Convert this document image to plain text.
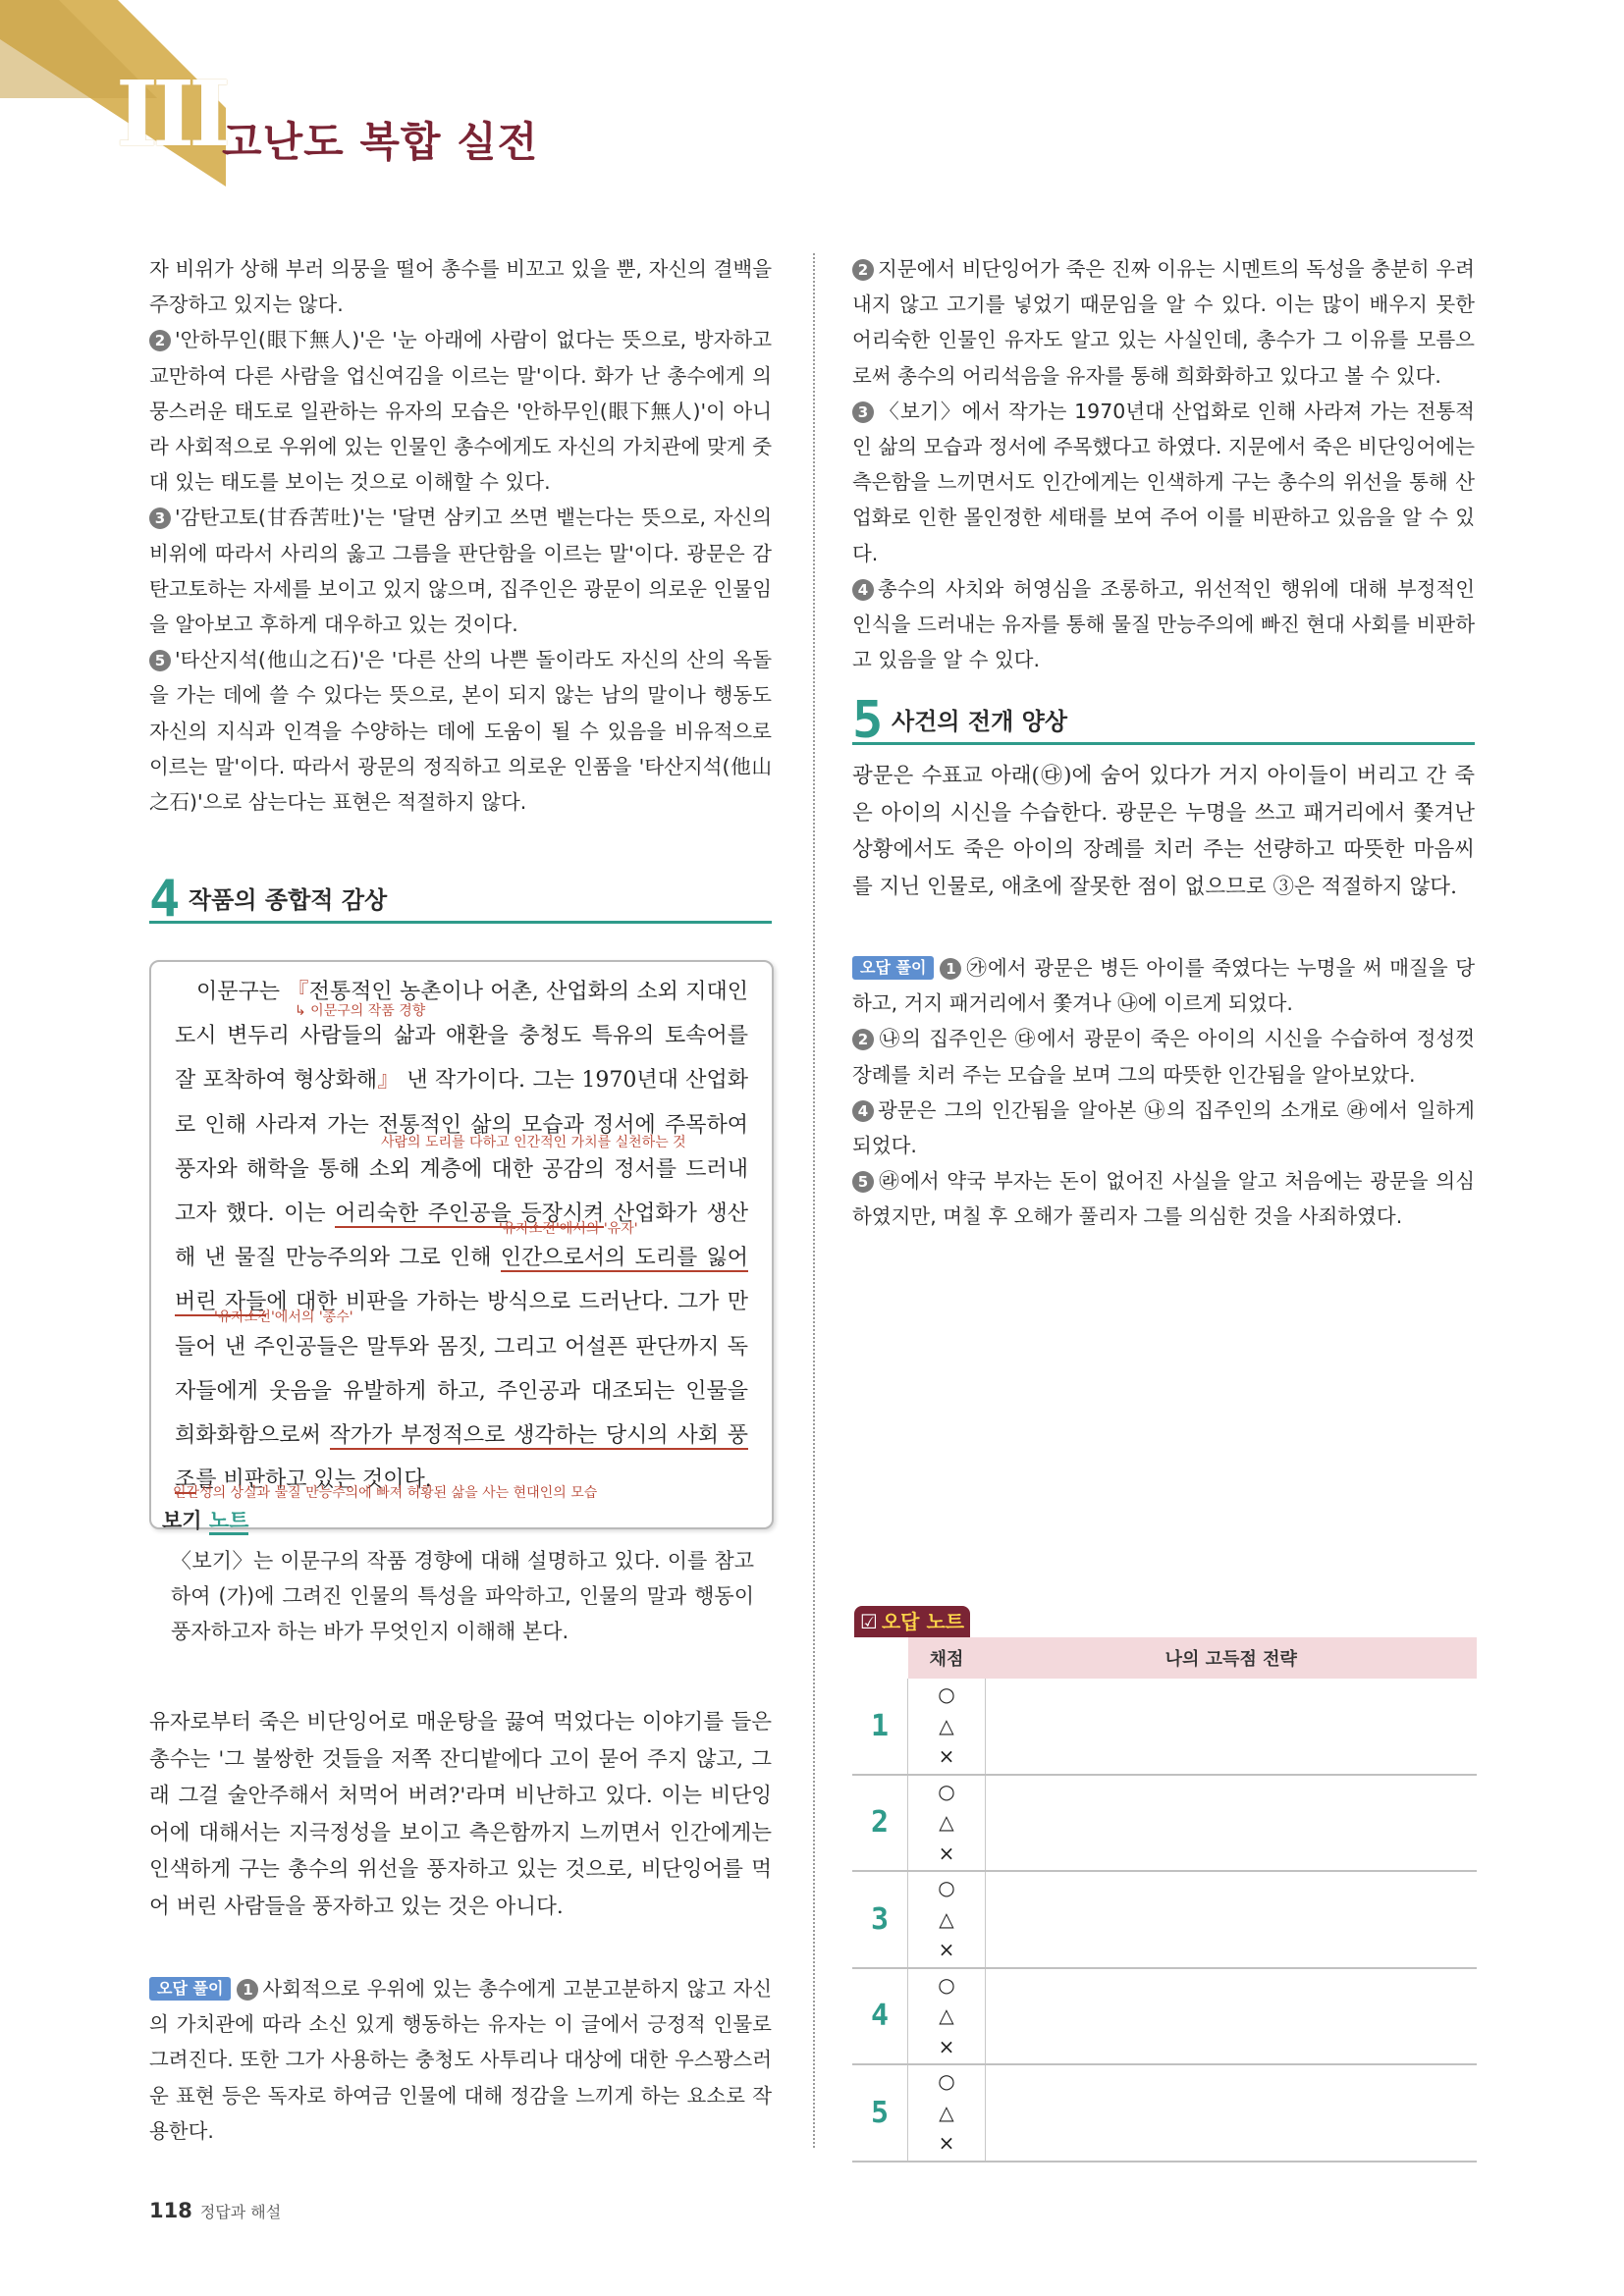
III
고난도 복합 실전

자 비위가 상해 부러 의뭉을 떨어 총수를 비꼬고 있을 뿐, 자신의 결백을 주장하고 있지는 않다.

2 '안하무인(眼下無人)'은 '눈 아래에 사람이 없다는 뜻으로, 방자하고 교만하여 다른 사람을 업신여김을 이르는 말'이다. 화가 난 총수에게 의뭉스러운 태도로 일관하는 유자의 모습은 '안하무인(眼下無人)'이 아니라 사회적으로 우위에 있는 인물인 총수에게도 자신의 가치관에 맞게 줏대 있는 태도를 보이는 것으로 이해할 수 있다.

3 '감탄고토(甘呑苦吐)'는 '달면 삼키고 쓰면 뱉는다는 뜻으로, 자신의 비위에 따라서 사리의 옳고 그름을 판단함을 이르는 말'이다. 광문은 감탄고토하는 자세를 보이고 있지 않으며, 집주인은 광문이 의로운 인물임을 알아보고 후하게 대우하고 있는 것이다.

5 '타산지석(他山之石)'은 '다른 산의 나쁜 돌이라도 자신의 산의 옥돌을 가는 데에 쓸 수 있다는 뜻으로, 본이 되지 않는 남의 말이나 행동도 자신의 지식과 인격을 수양하는 데에 도움이 될 수 있음을 비유적으로 이르는 말'이다. 따라서 광문의 정직하고 의로운 인품을 '타산지석(他山之石)'으로 삼는다는 표현은 적절하지 않다.

4 작품의 종합적 감상
이문구는 『전통적인 농촌이나 어촌, 산업화의 소외 지대인 도시 변두리 사람들의 삶과 애환을 충청도 특유의 토속어를 잘 포착하여 형상화해』 낸 작가이다. 그는 1970년대 산업화로 인해 사라져 가는 전통적인 삶의 모습과 정서에 주목하여 풍자와 해학을 통해 소외 계층에 대한 공감의 정서를 드러내고자 했다. 이는 어리숙한 주인공을 등장시켜 산업화가 생산해 낸 물질 만능주의와 그로 인해 인간으로서의 도리를 잃어버린 자들에 대한 비판을 가하는 방식으로 드러난다. 그가 만들어 낸 주인공들은 말투와 몸짓, 그리고 어설픈 판단까지 독자들에게 웃음을 유발하게 하고, 주인공과 대조되는 인물을 희화화함으로써 작가가 부정적으로 생각하는 당시의 사회 풍조를 비판하고 있는 것이다.
↳ 이문구의 작품 경향
사람의 도리를 다하고 인간적인 가치를 실천하는 것
'유자소전'에서의 '유자'
'유자소전'에서의 '총수'
인간성의 상실과 물질 만능주의에 빠져 허황된 삶을 사는 현대인의 모습
보기 노트
〈보기〉는 이문구의 작품 경향에 대해 설명하고 있다. 이를 참고하여 (가)에 그려진 인물의 특성을 파악하고, 인물의 말과 행동이 풍자하고자 하는 바가 무엇인지 이해해 본다.
유자로부터 죽은 비단잉어로 매운탕을 끓여 먹었다는 이야기를 들은 총수는 '그 불쌍한 것들을 저쪽 잔디밭에다 고이 묻어 주지 않고, 그래 그걸 술안주해서 처먹어 버려?'라며 비난하고 있다. 이는 비단잉어에 대해서는 지극정성을 보이고 측은함까지 느끼면서 인간에게는 인색하게 구는 총수의 위선을 풍자하고 있는 것으로, 비단잉어를 먹어 버린 사람들을 풍자하고 있는 것은 아니다.

오답 풀이 1 사회적으로 우위에 있는 총수에게 고분고분하지 않고 자신의 가치관에 따라 소신 있게 행동하는 유자는 이 글에서 긍정적 인물로 그려진다. 또한 그가 사용하는 충청도 사투리나 대상에 대한 우스꽝스러운 표현 등은 독자로 하여금 인물에 대해 정감을 느끼게 하는 요소로 작용한다.

2 지문에서 비단잉어가 죽은 진짜 이유는 시멘트의 독성을 충분히 우려내지 않고 고기를 넣었기 때문임을 알 수 있다. 이는 많이 배우지 못한 어리숙한 인물인 유자도 알고 있는 사실인데, 총수가 그 이유를 모름으로써 총수의 어리석음을 유자를 통해 희화화하고 있다고 볼 수 있다.

3 〈보기〉에서 작가는 1970년대 산업화로 인해 사라져 가는 전통적인 삶의 모습과 정서에 주목했다고 하였다. 지문에서 죽은 비단잉어에는 측은함을 느끼면서도 인간에게는 인색하게 구는 총수의 위선을 통해 산업화로 인한 몰인정한 세태를 보여 주어 이를 비판하고 있음을 알 수 있다.

4 총수의 사치와 허영심을 조롱하고, 위선적인 행위에 대해 부정적인 인식을 드러내는 유자를 통해 물질 만능주의에 빠진 현대 사회를 비판하고 있음을 알 수 있다.

5 사건의 전개 양상
광문은 수표교 아래(㉰)에 숨어 있다가 거지 아이들이 버리고 간 죽은 아이의 시신을 수습한다. 광문은 누명을 쓰고 패거리에서 쫓겨난 상황에서도 죽은 아이의 장례를 치러 주는 선량하고 따뜻한 마음씨를 지닌 인물로, 애초에 잘못한 점이 없으므로 ③은 적절하지 않다.

오답 풀이 1 ㉮에서 광문은 병든 아이를 죽였다는 누명을 써 매질을 당하고, 거지 패거리에서 쫓겨나 ㉯에 이르게 되었다.

2 ㉯의 집주인은 ㉰에서 광문이 죽은 아이의 시신을 수습하여 정성껏 장례를 치러 주는 모습을 보며 그의 따뜻한 인간됨을 알아보았다.

4 광문은 그의 인간됨을 알아본 ㉯의 집주인의 소개로 ㉱에서 일하게 되었다.

5 ㉱에서 약국 부자는 돈이 없어진 사실을 알고 처음에는 광문을 의심하였지만, 며칠 후 오해가 풀리자 그를 의심한 것을 사죄하였다.

☑ 오답 노트
	채점	나의 고득점 전략
1	○
△
×	
2	○
△
×	
3	○
△
×	
4	○
△
×	
5	○
△
×	
118 정답과 해설
